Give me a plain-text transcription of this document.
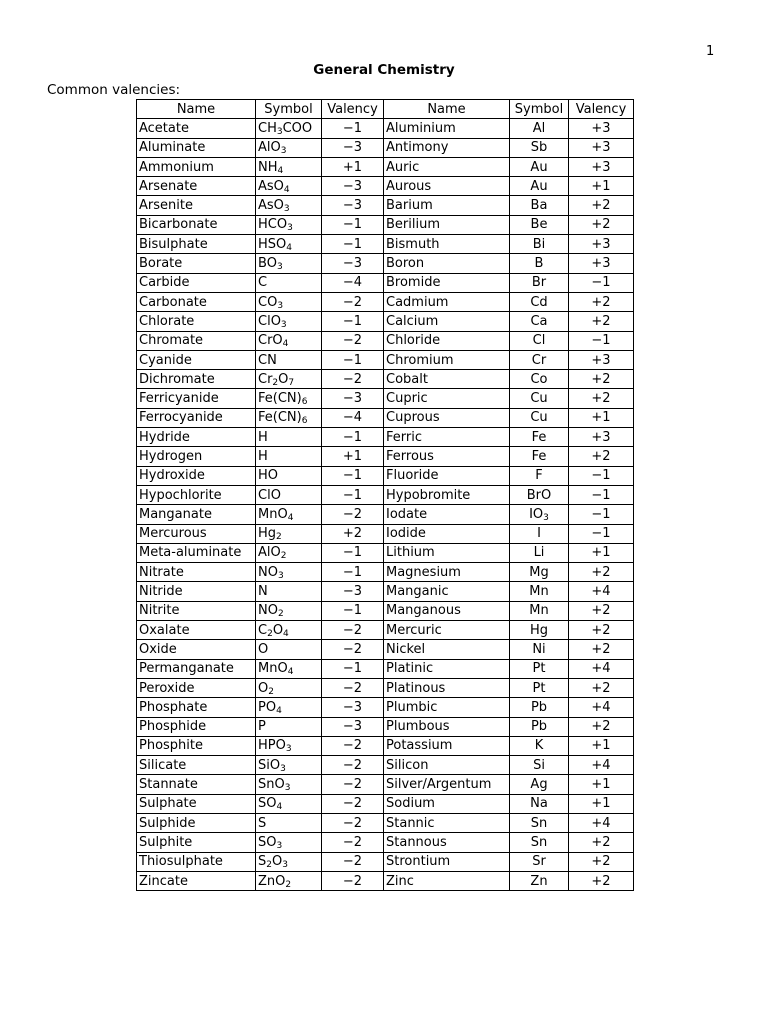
1
General Chemistry
Common valencies:
Name	Symbol	Valency	Name	Symbol	Valency
Acetate	$CH_3COO$	−1	Aluminium	Al	+3
Aluminate	AlO$_3$	−3	Antimony	Sb	+3
Ammonium	$NH_4$	+1	Auric	Au	+3
Arsenate	AsO$_4$	−3	Aurous	Au	+1
Arsenite	AsO$_3$	−3	Barium	Ba	+2
Bicarbonate	$HCO_3$	−1	Berilium	Be	+2
Bisulphate	$HSO_4$	−1	Bismuth	Bi	+3
Borate	$BO_3$	−3	Boron	B	+3
Carbide	C	−4	Bromide	Br	−1
Carbonate	$CO_3$	−2	Cadmium	Cd	+2
Chlorate	ClO$_3$	−1	Calcium	Ca	+2
Chromate	CrO$_4$	−2	Chloride	Cl	−1
Cyanide	CN	−1	Chromium	Cr	+3
Dichromate	$Cr_2O_7$	−2	Cobalt	Co	+2
Ferricyanide	$Fe(CN)_6$	−3	Cupric	Cu	+2
Ferrocyanide	$Fe(CN)_6$	−4	Cuprous	Cu	+1
Hydride	H	−1	Ferric	Fe	+3
Hydrogen	H	+1	Ferrous	Fe	+2
Hydroxide	HO	−1	Fluoride	F	−1
Hypochlorite	ClO	−1	Hypobromite	BrO	−1
Manganate	MnO$_4$	−2	Iodate	$IO_3$	−1
Mercurous	$Hg_2$	+2	Iodide	I	−1
Meta-aluminate	AlO$_2$	−1	Lithium	Li	+1
Nitrate	$NO_3$	−1	Magnesium	Mg	+2
Nitride	N	−3	Manganic	Mn	+4
Nitrite	$NO_2$	−1	Manganous	Mn	+2
Oxalate	$C_2O_4$	−2	Mercuric	Hg	+2
Oxide	O	−2	Nickel	Ni	+2
Permanganate	MnO$_4$	−1	Platinic	Pt	+4
Peroxide	$O_2$	−2	Platinous	Pt	+2
Phosphate	$PO_4$	−3	Plumbic	Pb	+4
Phosphide	P	−3	Plumbous	Pb	+2
Phosphite	$HPO_3$	−2	Potassium	K	+1
Silicate	SiO$_3$	−2	Silicon	Si	+4
Stannate	SnO$_3$	−2	Silver/Argentum	Ag	+1
Sulphate	$SO_4$	−2	Sodium	Na	+1
Sulphide	S	−2	Stannic	Sn	+4
Sulphite	$SO_3$	−2	Stannous	Sn	+2
Thiosulphate	$S_2O_3$	−2	Strontium	Sr	+2
Zincate	ZnO$_2$	−2	Zinc	Zn	+2
